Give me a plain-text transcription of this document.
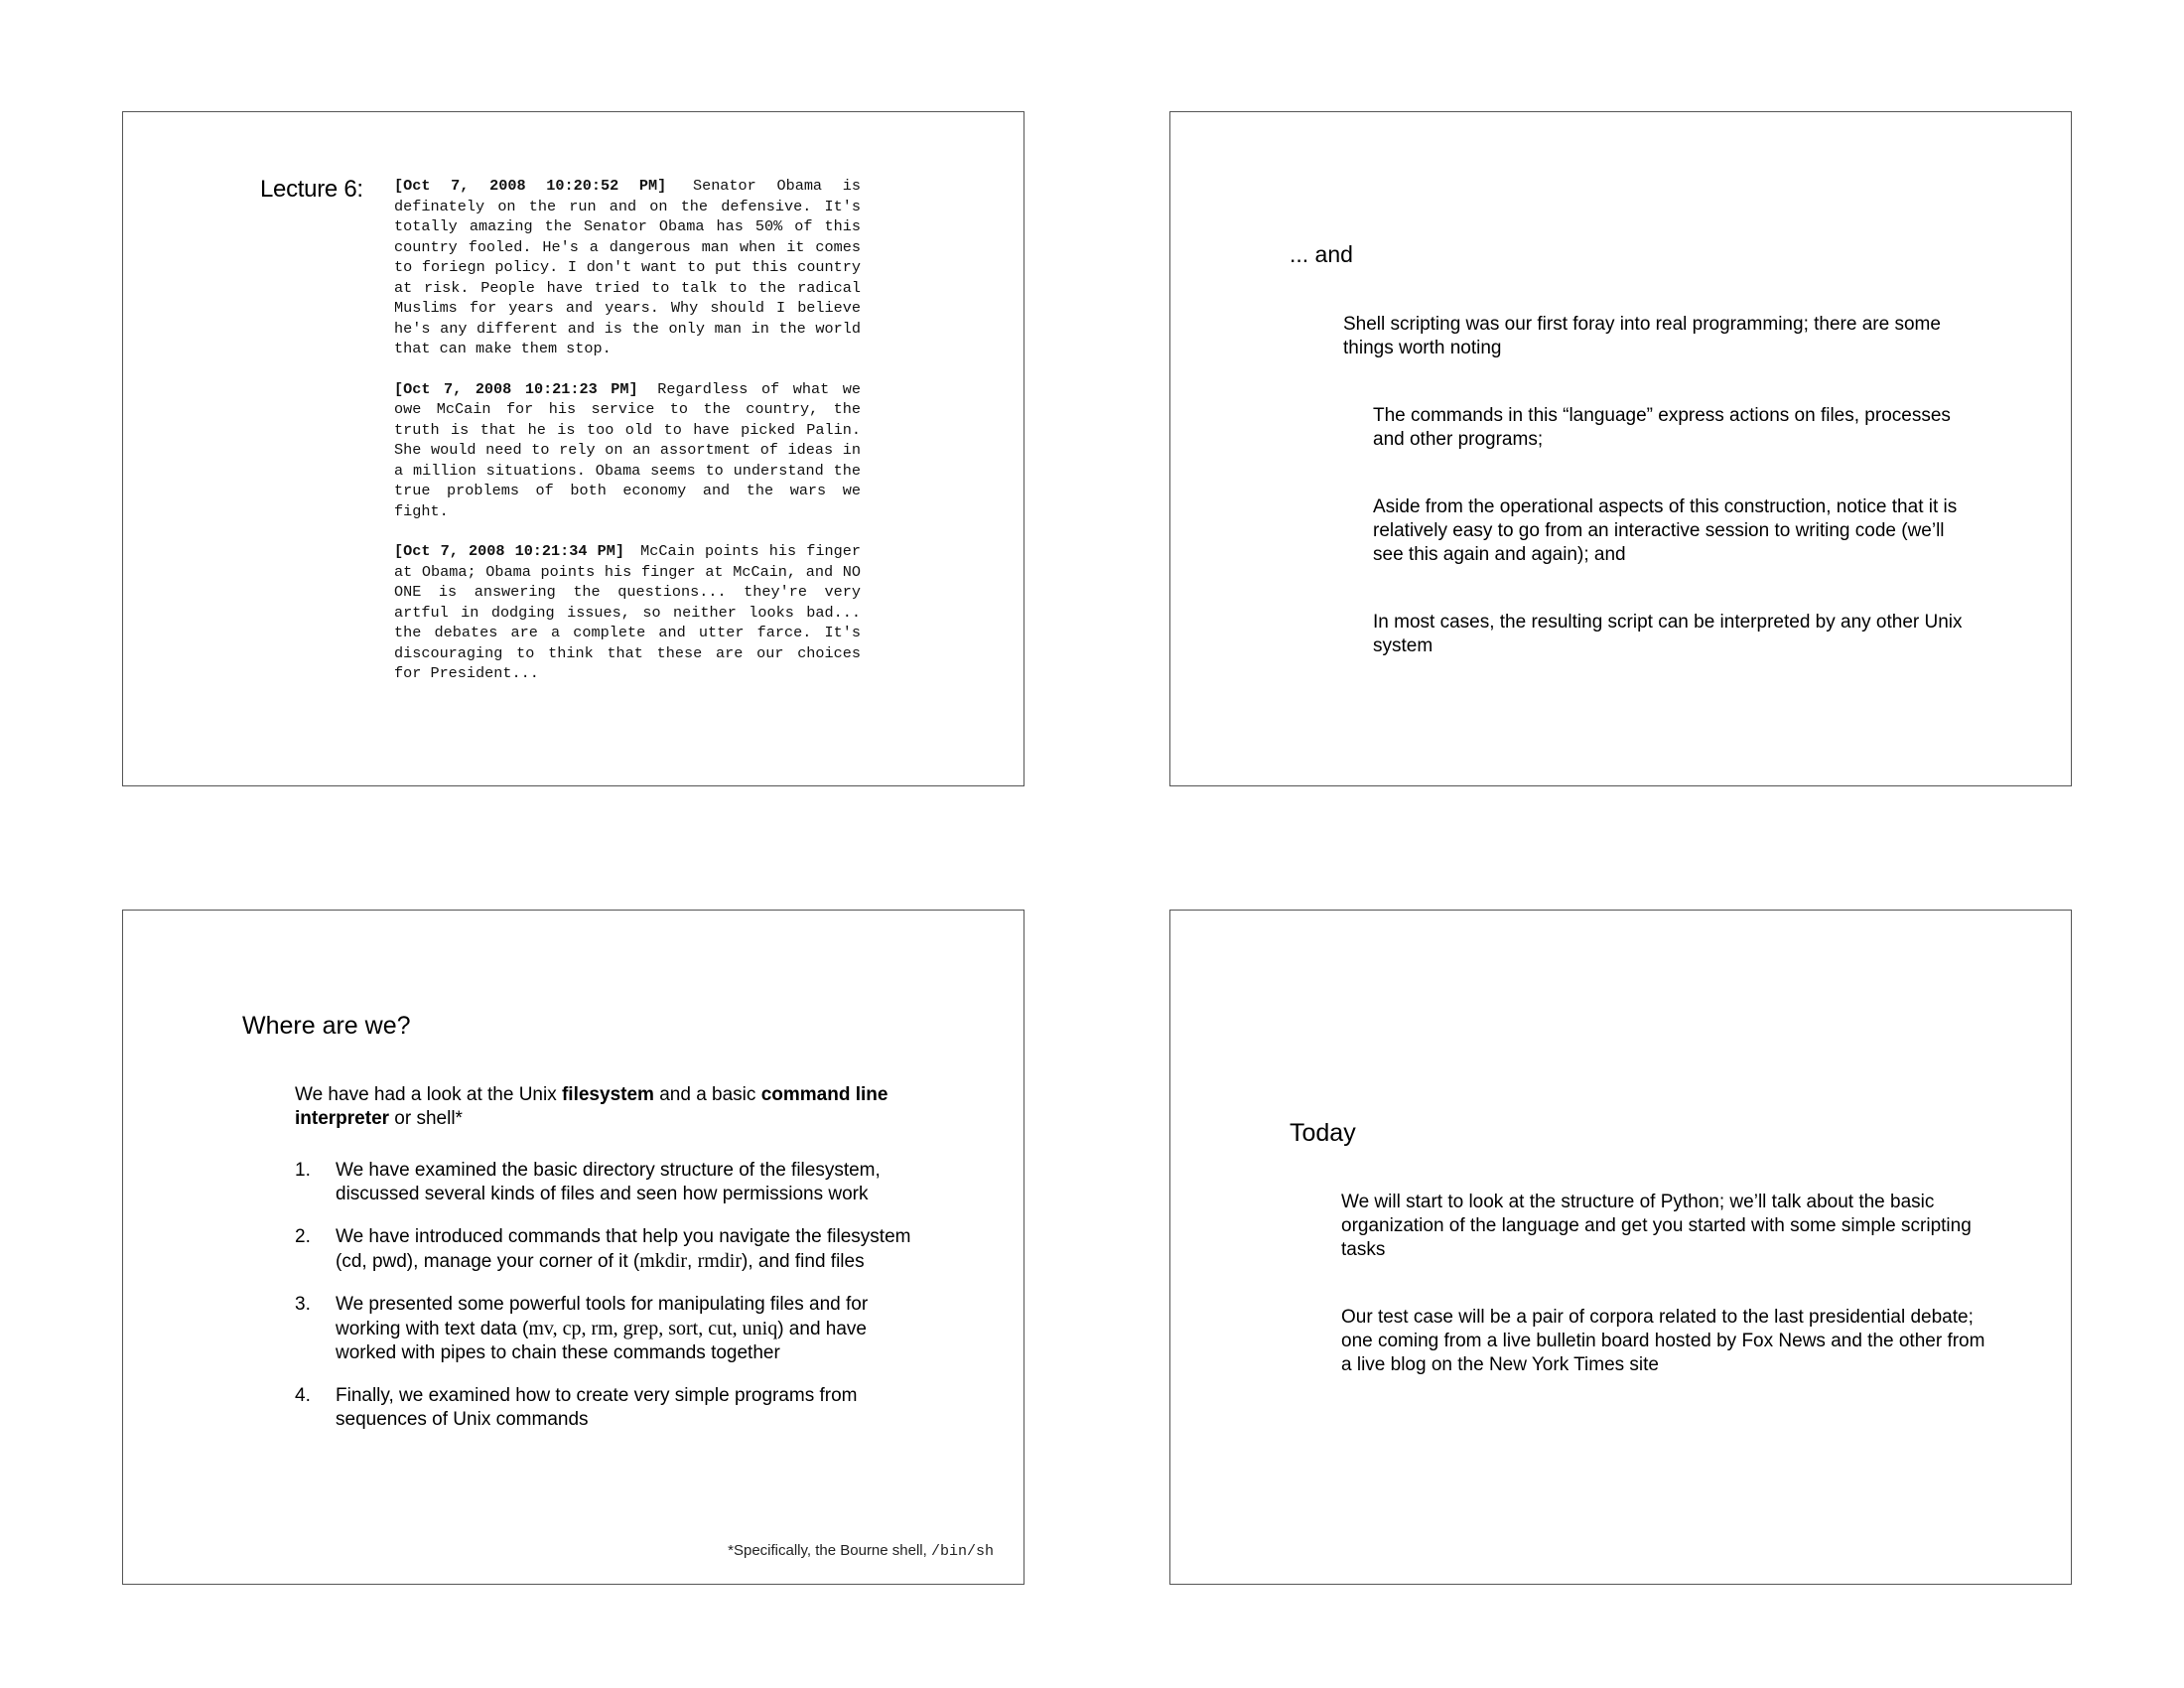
Lecture 6: [Oct 7, 2008 10:20:52 PM] Senator Obama is definately on the run and on the defensive. It's totally amazing the Senator Obama has 50% of this country fooled. He's a dangerous man when it comes to foriegn policy. I don't want to put this country at risk. People have tried to talk to the radical Muslims for years and years. Why should I believe he's any different and is the only man in the world that can make them stop.

[Oct 7, 2008 10:21:23 PM] Regardless of what we owe McCain for his service to the country, the truth is that he is too old to have picked Palin. She would need to rely on an assortment of ideas in a million situations. Obama seems to understand the true problems of both economy and the wars we fight.

[Oct 7, 2008 10:21:34 PM] McCain points his finger at Obama; Obama points his finger at McCain, and NO ONE is answering the questions... they're very artful in dodging issues, so neither looks bad... the debates are a complete and utter farce. It's discouraging to think that these are our choices for President...

... and
Shell scripting was our first foray into real programming; there are some things worth noting
The commands in this “language” express actions on files, processes and other programs;
Aside from the operational aspects of this construction, notice that it is relatively easy to go from an interactive session to writing code (we’ll see this again and again); and
In most cases, the resulting script can be interpreted by any other Unix system
Where are we?
We have had a look at the Unix filesystem and a basic command line interpreter or shell*
1.	We have examined the basic directory structure of the filesystem, discussed several kinds of files and seen how permissions work
2.	We have introduced commands that help you navigate the filesystem (cd, pwd), manage your corner of it (mkdir, rmdir), and find files
3.	We presented some powerful tools for manipulating files and for working with text data (mv, cp, rm, grep, sort, cut, uniq) and have worked with pipes to chain these commands together
4.	Finally, we examined how to create very simple programs from sequences of Unix commands
*Specifically, the Bourne shell, /bin/sh
Today
We will start to look at the structure of Python; we’ll talk about the basic organization of the language and get you started with some simple scripting tasks
Our test case will be a pair of corpora related to the last presidential debate; one coming from a live bulletin board hosted by Fox News and the other from a live blog on the New York Times site
